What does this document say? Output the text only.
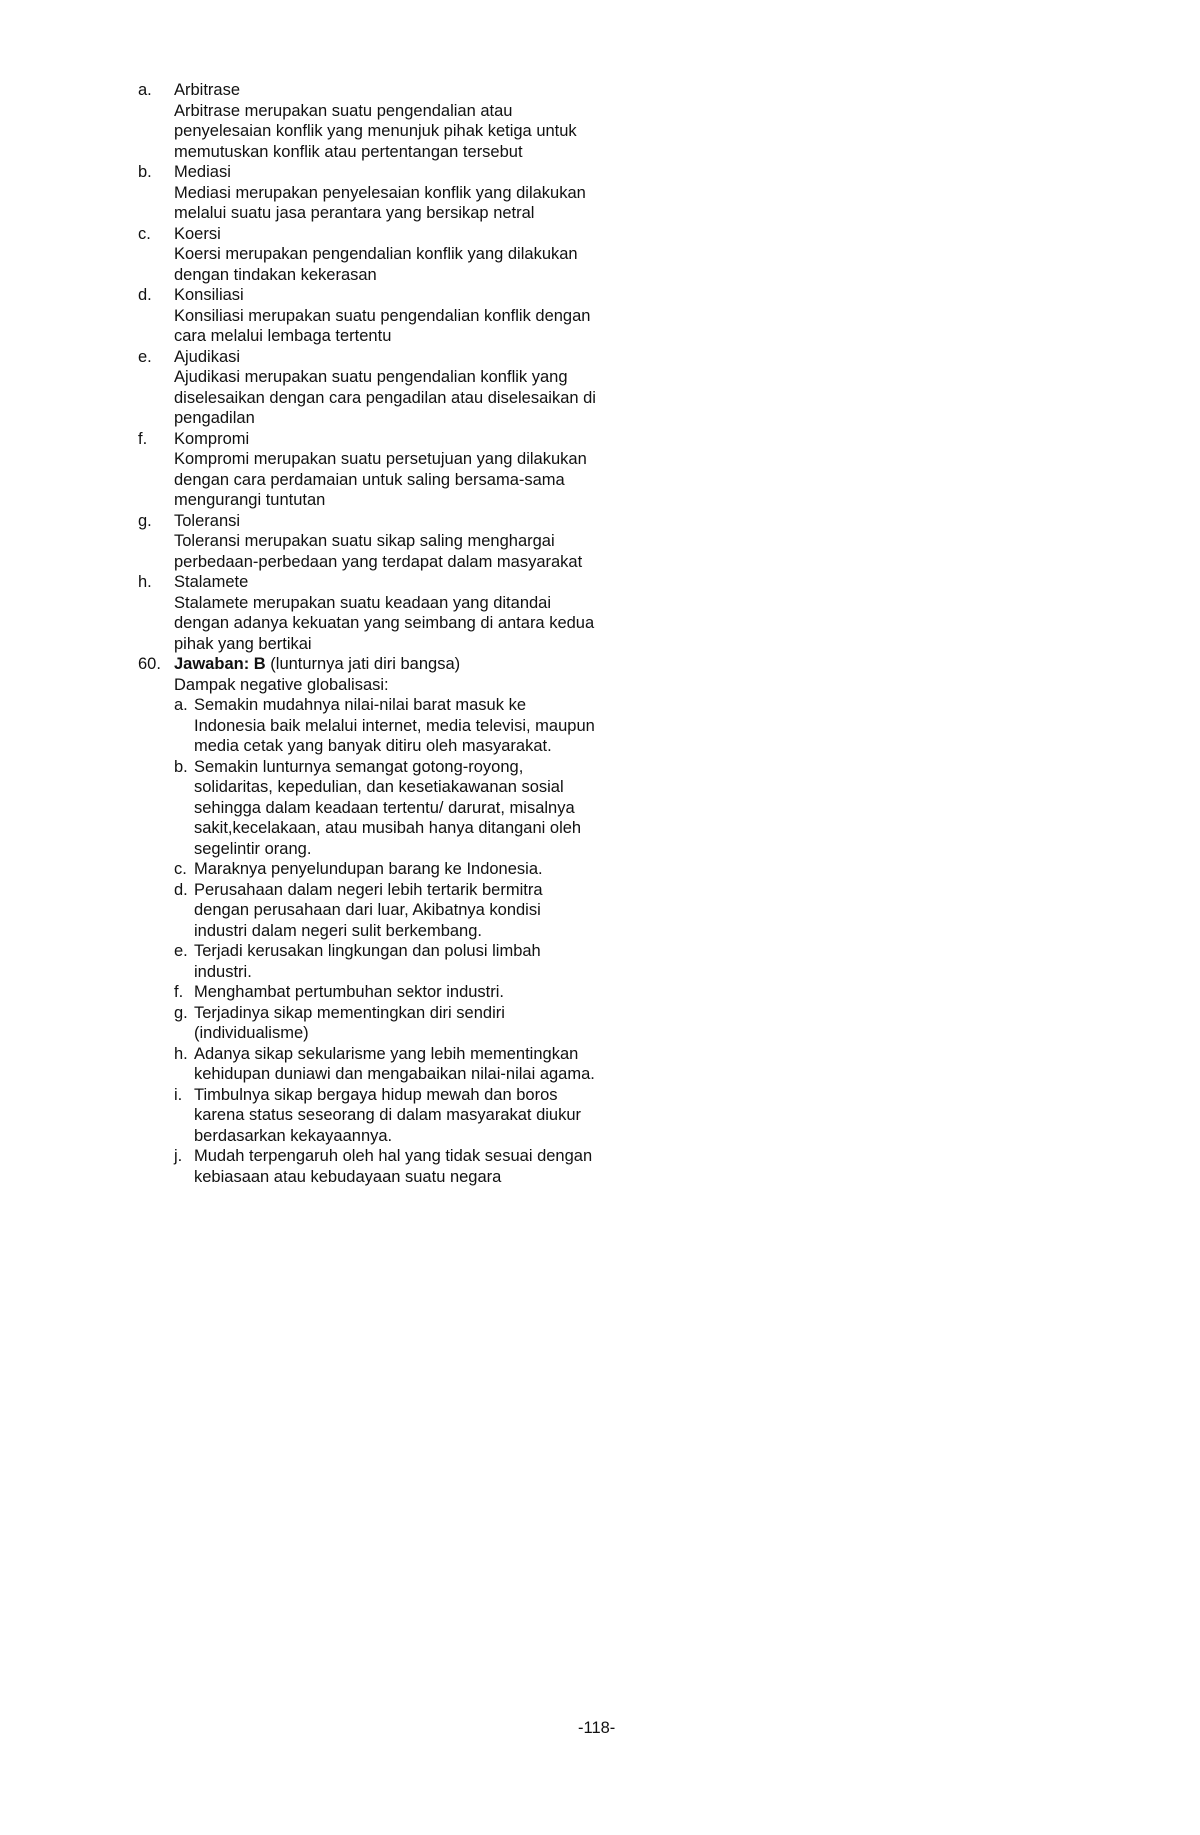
a.	Arbitrase
Arbitrase merupakan suatu pengendalian atau penyelesaian konflik yang menunjuk pihak ketiga untuk memutuskan konflik atau pertentangan tersebut
b.	Mediasi
Mediasi merupakan penyelesaian konflik yang dilakukan melalui suatu jasa perantara yang bersikap netral
c.	Koersi
Koersi merupakan pengendalian konflik yang dilakukan dengan tindakan kekerasan
d.	Konsiliasi
Konsiliasi merupakan suatu pengendalian konflik dengan cara melalui lembaga tertentu
e.	Ajudikasi
Ajudikasi merupakan suatu pengendalian konflik yang diselesaikan dengan cara pengadilan atau diselesaikan di pengadilan
f.	Kompromi
Kompromi merupakan suatu persetujuan yang dilakukan dengan cara perdamaian untuk saling bersama-sama mengurangi tuntutan
g.	Toleransi
Toleransi merupakan suatu sikap saling menghargai perbedaan-perbedaan yang terdapat dalam masyarakat
h.	Stalamete
Stalamete merupakan suatu keadaan yang ditandai dengan adanya kekuatan yang seimbang di antara kedua pihak yang bertikai
60. Jawaban: B (lunturnya jati diri bangsa)
Dampak negative globalisasi:
a. Semakin mudahnya nilai-nilai barat masuk ke Indonesia baik melalui internet, media televisi, maupun media cetak yang banyak ditiru oleh masyarakat.
b. Semakin lunturnya semangat gotong-royong, solidaritas, kepedulian, dan kesetiakawanan sosial sehingga dalam keadaan tertentu/ darurat, misalnya sakit,kecelakaan, atau musibah hanya ditangani oleh segelintir orang.
c. Maraknya penyelundupan barang ke Indonesia.
d. Perusahaan dalam negeri lebih tertarik bermitra dengan perusahaan dari luar, Akibatnya kondisi industri dalam negeri sulit berkembang.
e. Terjadi kerusakan lingkungan dan polusi limbah industri.
f. Menghambat pertumbuhan sektor industri.
g. Terjadinya sikap mementingkan diri sendiri (individualisme)
h. Adanya sikap sekularisme yang lebih mementingkan kehidupan duniawi dan mengabaikan nilai-nilai agama.
i. Timbulnya sikap bergaya hidup mewah dan boros karena status seseorang di dalam masyarakat diukur berdasarkan kekayaannya.
j. Mudah terpengaruh oleh hal yang tidak sesuai dengan kebiasaan atau kebudayaan suatu negara
-118-
